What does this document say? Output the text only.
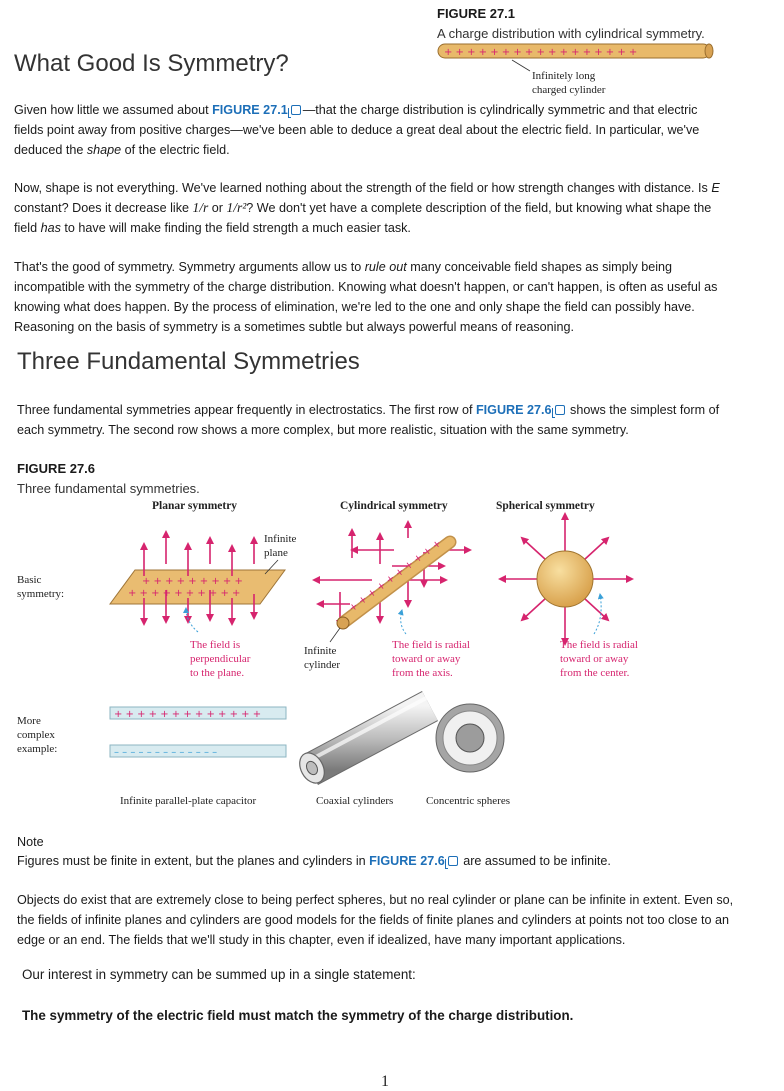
FIGURE 27.1
A charge distribution with cylindrical symmetry.
+ + + + + + + + + + + + + + + + +
Infinitely long
charged cylinder
What Good Is Symmetry?
Given how little we assumed about FIGURE 27.1 —that the charge distribution is cylindrically symmetric and that electric
fields point away from positive charges—we've been able to deduce a great deal about the electric field. In particular, we've
deduced the shape of the electric field.
Now, shape is not everything. We've learned nothing about the strength of the field or how strength changes with distance. Is E
constant? Does it decrease like 1/r or 1/r²? We don't yet have a complete description of the field, but knowing what shape the
field has to have will make finding the field strength a much easier task.
That's the good of symmetry. Symmetry arguments allow us to rule out many conceivable field shapes as simply being
incompatible with the symmetry of the charge distribution. Knowing what doesn't happen, or can't happen, is often as useful as
knowing what does happen. By the process of elimination, we're led to the one and only shape the field can possibly have.
Reasoning on the basis of symmetry is a sometimes subtle but always powerful means of reasoning.
Three Fundamental Symmetries
Three fundamental symmetries appear frequently in electrostatics. The first row of FIGURE 27.6 shows the simplest form of
each symmetry. The second row shows a more complex, but more realistic, situation with the same symmetry.
FIGURE 27.6
Three fundamental symmetries.
Planar symmetry	Cylindrical symmetry	Spherical symmetry
Basic
symmetry:
More
complex
example:
+ + + + + + + + +
+ + + + + + + + + +
Infinite
plane
The field is
perpendicular
to the plane.
+ + + + + + + + + +
Infinite
cylinder
The field is radial
toward or away
from the axis.
The field is radial
toward or away
from the center.
+ + + + + + + + + + + + +
– – – – – – – – – – – – –
Infinite parallel-plate capacitor	Coaxial cylinders	Concentric spheres
Note
Figures must be finite in extent, but the planes and cylinders in FIGURE 27.6 are assumed to be infinite.
Objects do exist that are extremely close to being perfect spheres, but no real cylinder or plane can be infinite in extent. Even so,
the fields of infinite planes and cylinders are good models for the fields of finite planes and cylinders at points not too close to an
edge or an end. The fields that we'll study in this chapter, even if idealized, have many important applications.
Our interest in symmetry can be summed up in a single statement:
The symmetry of the electric field must match the symmetry of the charge distribution.
1
